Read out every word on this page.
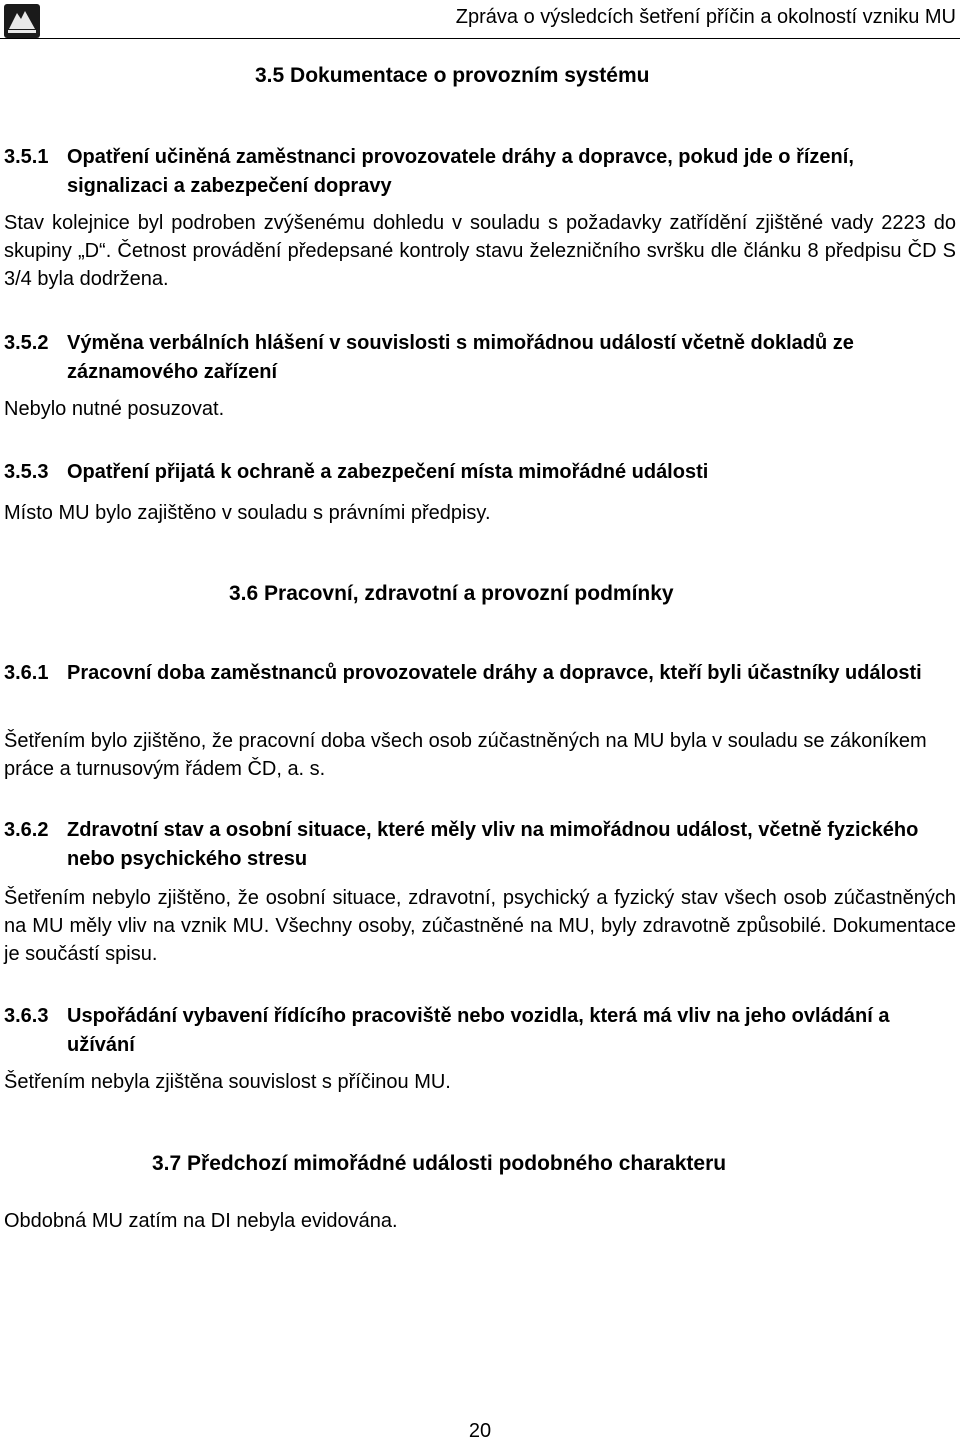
Zpráva o výsledcích šetření příčin a okolností vzniku MU
3.5 Dokumentace o provozním systému
3.5.1 Opatření učiněná zaměstnanci provozovatele dráhy a dopravce, pokud jde o řízení, signalizaci a zabezpečení dopravy

Stav kolejnice byl podroben zvýšenému dohledu v souladu s požadavky zatřídění zjištěné vady 2223 do skupiny „D“. Četnost provádění předepsané kontroly stavu železničního svršku dle článku 8 předpisu ČD S 3/4 byla dodržena.

3.5.2 Výměna verbálních hlášení v souvislosti s mimořádnou událostí včetně dokladů ze záznamového zařízení

Nebylo nutné posuzovat.

3.5.3 Opatření přijatá k ochraně a zabezpečení místa mimořádné události

Místo MU bylo zajištěno v souladu s právními předpisy.

3.6 Pracovní, zdravotní a provozní podmínky
3.6.1 Pracovní doba zaměstnanců provozovatele dráhy a dopravce, kteří byli účastníky události

Šetřením bylo zjištěno, že pracovní doba všech osob zúčastněných na MU byla v souladu se zákoníkem práce a turnusovým řádem ČD, a. s.

3.6.2 Zdravotní stav a osobní situace, které měly vliv na mimořádnou událost, včetně fyzického nebo psychického stresu

Šetřením nebylo zjištěno, že osobní situace, zdravotní, psychický a fyzický stav všech osob zúčastněných na MU měly vliv na vznik MU. Všechny osoby, zúčastněné na MU, byly zdravotně způsobilé. Dokumentace je součástí spisu.

3.6.3 Uspořádání vybavení řídícího pracoviště nebo vozidla, která má vliv na jeho ovládání a užívání

Šetřením nebyla zjištěna souvislost s příčinou MU.

3.7 Předchozí mimořádné události podobného charakteru

Obdobná MU zatím na DI nebyla evidována.

20
